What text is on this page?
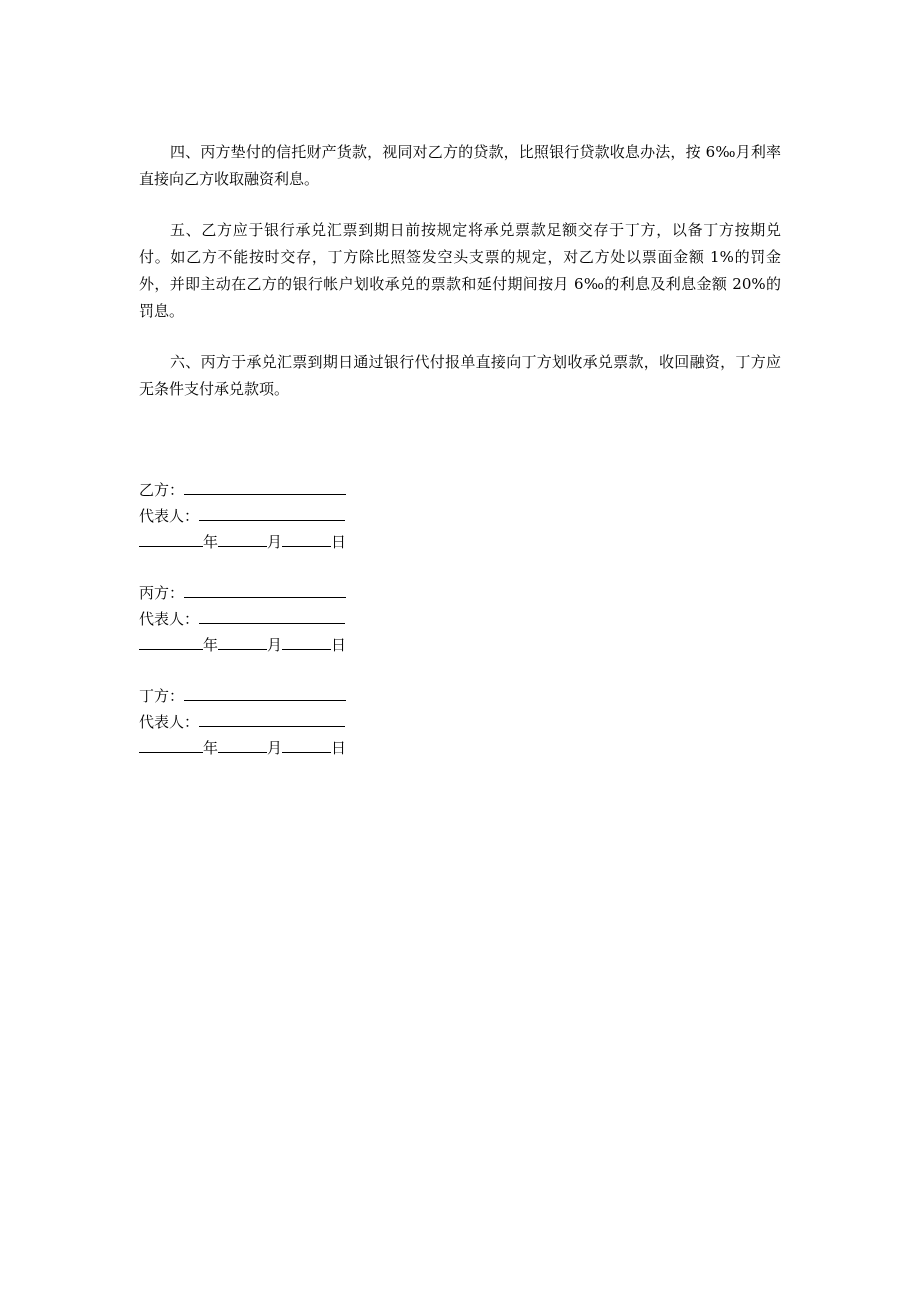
四、丙方垫付的信托财产货款，视同对乙方的贷款，比照银行贷款收息办法，按 6‰月利率直接向乙方收取融资利息。

五、乙方应于银行承兑汇票到期日前按规定将承兑票款足额交存于丁方，以备丁方按期兑付。如乙方不能按时交存，丁方除比照签发空头支票的规定，对乙方处以票面金额 1%的罚金外，并即主动在乙方的银行帐户划收承兑的票款和延付期间按月 6‰的利息及利息金额 20%的罚息。

六、丙方于承兑汇票到期日通过银行代付报单直接向丁方划收承兑票款，收回融资，丁方应无条件支付承兑款项。

乙方：
代表人：
年	月	日
丙方：
代表人：
年	月	日
丁方：
代表人：
年	月	日
